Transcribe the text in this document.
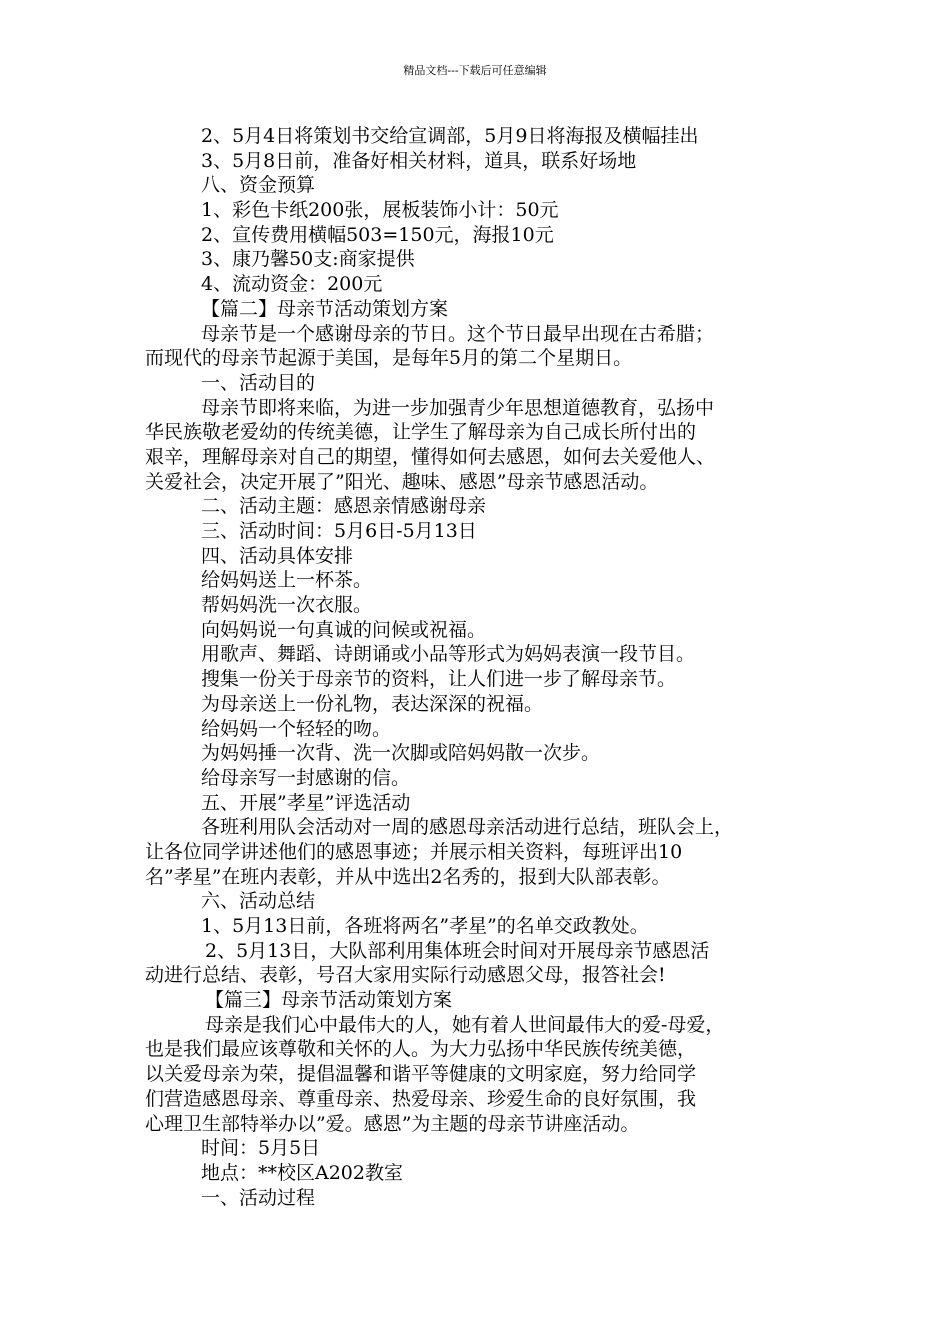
精品文档---下载后可任意编辑
2、5月4日将策划书交给宣调部，5月9日将海报及横幅挂出
3、5月8日前，准备好相关材料，道具，联系好场地
八、资金预算
1、彩色卡纸200张，展板装饰小计：50元
2、宣传费用横幅503=150元，海报10元
3、康乃馨50支:商家提供
4、流动资金：200元
【篇二】母亲节活动策划方案
母亲节是一个感谢母亲的节日。这个节日最早出现在古希腊；
而现代的母亲节起源于美国，是每年5月的第二个星期日。
一、活动目的
母亲节即将来临，为进一步加强青少年思想道德教育，弘扬中
华民族敬老爱幼的传统美德，让学生了解母亲为自己成长所付出的
艰辛，理解母亲对自己的期望，懂得如何去感恩，如何去关爱他人、
关爱社会，决定开展了”阳光、趣味、感恩”母亲节感恩活动。
二、活动主题：感恩亲情感谢母亲
三、活动时间：5月6日-5月13日
四、活动具体安排
给妈妈送上一杯茶。
帮妈妈洗一次衣服。
向妈妈说一句真诚的问候或祝福。
用歌声、舞蹈、诗朗诵或小品等形式为妈妈表演一段节目。
搜集一份关于母亲节的资料，让人们进一步了解母亲节。
为母亲送上一份礼物，表达深深的祝福。
给妈妈一个轻轻的吻。
为妈妈捶一次背、洗一次脚或陪妈妈散一次步。
给母亲写一封感谢的信。
五、开展”孝星”评选活动
各班利用队会活动对一周的感恩母亲活动进行总结，班队会上，
让各位同学讲述他们的感恩事迹；并展示相关资料，每班评出10
名”孝星”在班内表彰，并从中选出2名秀的，报到大队部表彰。
六、活动总结
1、5月13日前，各班将两名”孝星”的名单交政教处。
2、5月13日，大队部利用集体班会时间对开展母亲节感恩活
动进行总结、表彰，号召大家用实际行动感恩父母，报答社会!
【篇三】母亲节活动策划方案
母亲是我们心中最伟大的人，她有着人世间最伟大的爱-母爱，
也是我们最应该尊敬和关怀的人。为大力弘扬中华民族传统美德，
以关爱母亲为荣，提倡温馨和谐平等健康的文明家庭，努力给同学
们营造感恩母亲、尊重母亲、热爱母亲、珍爱生命的良好氛围，我
心理卫生部特举办以”爱。感恩”为主题的母亲节讲座活动。
时间：5月5日
地点：**校区A202教室
一、活动过程
